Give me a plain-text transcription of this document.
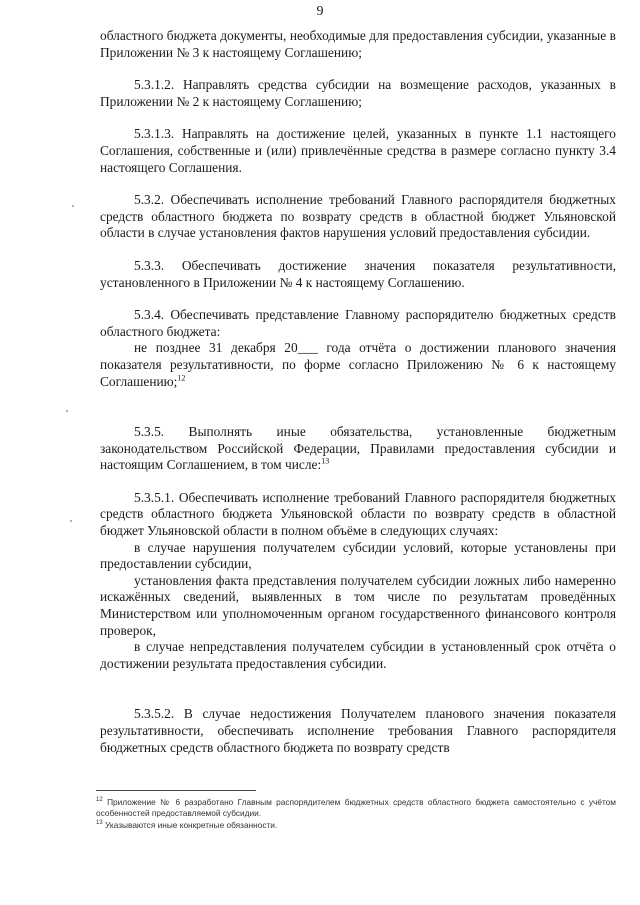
9

областного бюджета документы, необходимые для предоставления субсидии, указанные в Приложении № 3 к настоящему Соглашению;

5.3.1.2. Направлять средства субсидии на возмещение расходов, указанных в Приложении № 2 к настоящему Соглашению;

5.3.1.3. Направлять на достижение целей, указанных в пункте 1.1 настоящего Соглашения, собственные и (или) привлечённые средства в размере согласно пункту 3.4 настоящего Соглашения.

5.3.2. Обеспечивать исполнение требований Главного распорядителя бюджетных средств областного бюджета по возврату средств в областной бюджет Ульяновской области в случае установления фактов нарушения условий предоставления субсидии.

5.3.3. Обеспечивать достижение значения показателя результативности, установленного в Приложении № 4 к настоящему Соглашению.

5.3.4. Обеспечивать представление Главному распорядителю бюджетных средств областного бюджета:

не позднее 31 декабря 20___ года отчёта о достижении планового значения показателя результативности, по форме согласно Приложению № 6 к настоящему Соглашению;$^{12}$

5.3.5. Выполнять иные обязательства, установленные бюджетным законодательством Российской Федерации, Правилами предоставления субсидии и настоящим Соглашением, в том числе:$^{13}$

5.3.5.1. Обеспечивать исполнение требований Главного распорядителя бюджетных средств областного бюджета Ульяновской области по возврату средств в областной бюджет Ульяновской области в полном объёме в следующих случаях:

в случае нарушения получателем субсидии условий, которые установлены при предоставлении субсидии,

установления факта представления получателем субсидии ложных либо намеренно искажённых сведений, выявленных в том числе по результатам проведённых Министерством или уполномоченным органом государственного финансового контроля проверок,

в случае непредставления получателем субсидии в установленный срок отчёта о достижении результата предоставления субсидии.

5.3.5.2. В случае недостижения Получателем планового значения показателя результативности, обеспечивать исполнение требования Главного распорядителя бюджетных средств областного бюджета по возврату средств

$^{12}$ Приложение № 6 разработано Главным распорядителем бюджетных средств областного бюджета самостоятельно с учётом особенностей предоставляемой субсидии.
$^{13}$ Указываются иные конкретные обязанности.
